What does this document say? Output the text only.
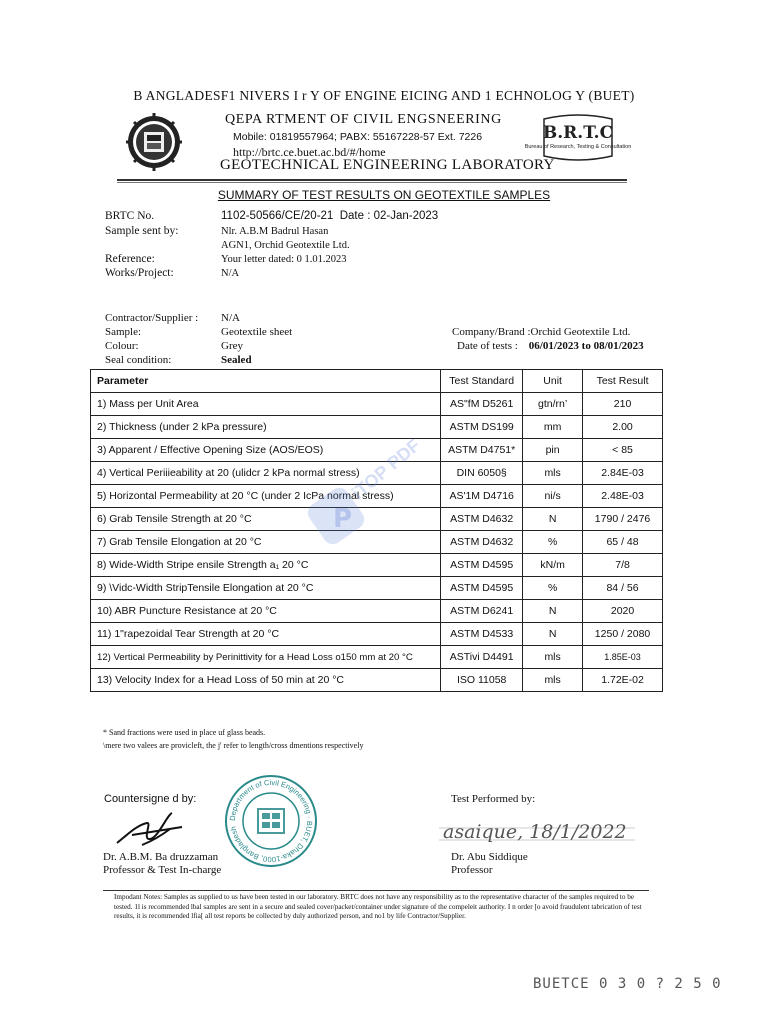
B ANGLADESF1 NIVERS I r Y OF ENGINE EICING AND 1 ECHNOLOG Y (BUET)
QEPA RTMENT OF CIVIL ENGSNEERING
Mobile: 01819557964; PABX: 55167228-57 Ext. 7226
http://brtc.ce.buet.ac.bd/#/home
GEOTECHNICAL ENGINEERING LABORATORY
B.R.T.C
Bureau of Research, Testing & Consultation
SUMMARY OF TEST RESULTS ON GEOTEXTILE SAMPLES
BRTC No.	1102-50566/CE/20-21 Date : 02-Jan-2023
Sample sent by:	Nlr. A.B.M Badrul Hasan
AGN1, Orchid Geotextile Ltd.
Reference:	Your letter dated: 0 1.01.2023
Works/Project:	N/A
Contractor/Supplier : N/A
Sample:	Geotextile sheet
Colour:	Grey
Seal condition:	Sealed
Company/Brand :Orchid Geotextile Ltd.
Date of tests : 06/01/2023 to 08/01/2023
Parameter	Test Standard	Unit	Test Result
1) Mass per Unit Area	AS"fM D5261	gtn/rn’	210
2) Thickness (under 2 kPa pressure)	ASTM DS199	mm	2.00
3) Apparent / Effective Opening Size (AOS/EOS)	ASTM D4751*	pin	< 85
4) Vertical Periiieability at 20 (ulidcr 2 kPa normal stress)	DIN 6050§	mls	2.84E-03
5) Horizontal Permeability at 20 °C (under 2 IcPa normal stress)	AS'1M D4716	ni/s	2.48E-03
6) Grab Tensile Strength at 20 °C	ASTM D4632	N	1790 / 2476
7) Grab Tensile Elongation at 20 °C	ASTM D4632	%	65 / 48
8) Wide-Width Stripe ensile Strength a₁ 20 °C	ASTM D4595	kN/m	7/8
9) \Vidc-Width StripTensile Elongation at 20 °C	ASTM D4595	%	84 / 56
10) ABR Puncture Resistance at 20 °C	ASTM D6241	N	2020
11) 1"rapezoidal Tear Strength at 20 °C	ASTM D4533	N	1250 / 2080
12) Vertical Permeability by Perinittivity for a Head Loss o150 mm at 20 °C	ASTivi D4491	mls	1.85E-03
13) Velocity Index for a Head Loss of 50 min at 20 °C	ISO 11058	mls	1.72E-02
P
iTOP PDF
* Sand fractions were used in place uf glass beads.
\mere two valees are provicleft, the j' refer to length/cross dmentions respectively
Department of Civil Engineering · BUET, Dhaka-1000, Bangladesh
Countersigne d by:
Dr. A.B.M. Ba druzzaman
Professor & Test In-charge
Test Performed by:
asaique, 18/1/2022
Dr. Abu Siddique
Professor
Impodant Notes: Samples as supplied to us have been tested in our laboratory. BRTC does not have any responsibility as to the representative character of the samples required to be tested. 1l is recommended lbal samples are sent in a secure and sealed cover/packet/container under signature of the compeleit authority. I n order [o avoid fraudulent tabrication of test results, it is recommended lfia[ all test reports be collected by duly authorized person, and no1 by life Contractor/Supplier.
BUETCE 0 3 0 ? 2 5 0
